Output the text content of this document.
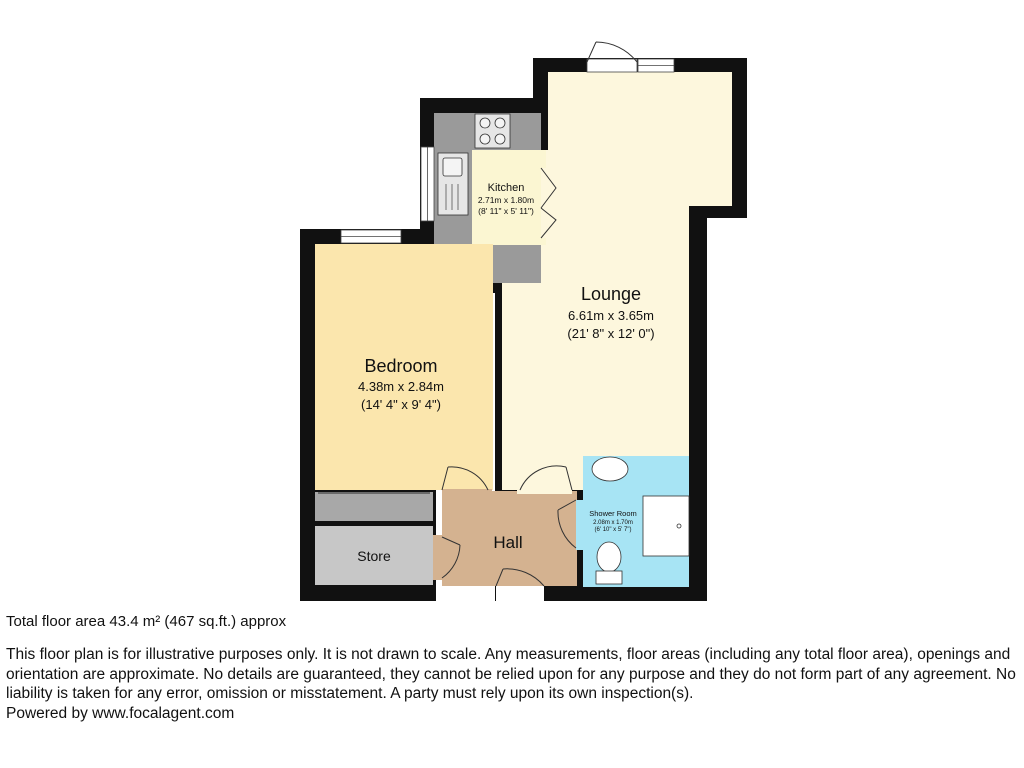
Kitchen
2.71m x 1.80m
(8' 11" x 5' 11")
Lounge
6.61m x 3.65m
(21' 8" x 12' 0")
Bedroom
4.38m x 2.84m
(14' 4" x 9' 4")
Shower Room
2.08m x 1.70m
(6' 10" x 5' 7")
Hall
Store
Total floor area 43.4 m² (467 sq.ft.) approx
This floor plan is for illustrative purposes only. It is not drawn to scale. Any measurements, floor areas (including any total floor area), openings and orientation are approximate. No details are guaranteed, they cannot be relied upon for any purpose and they do not form part of any agreement. No liability is taken for any error, omission or misstatement. A party must rely upon its own inspection(s).
Powered by www.focalagent.com
